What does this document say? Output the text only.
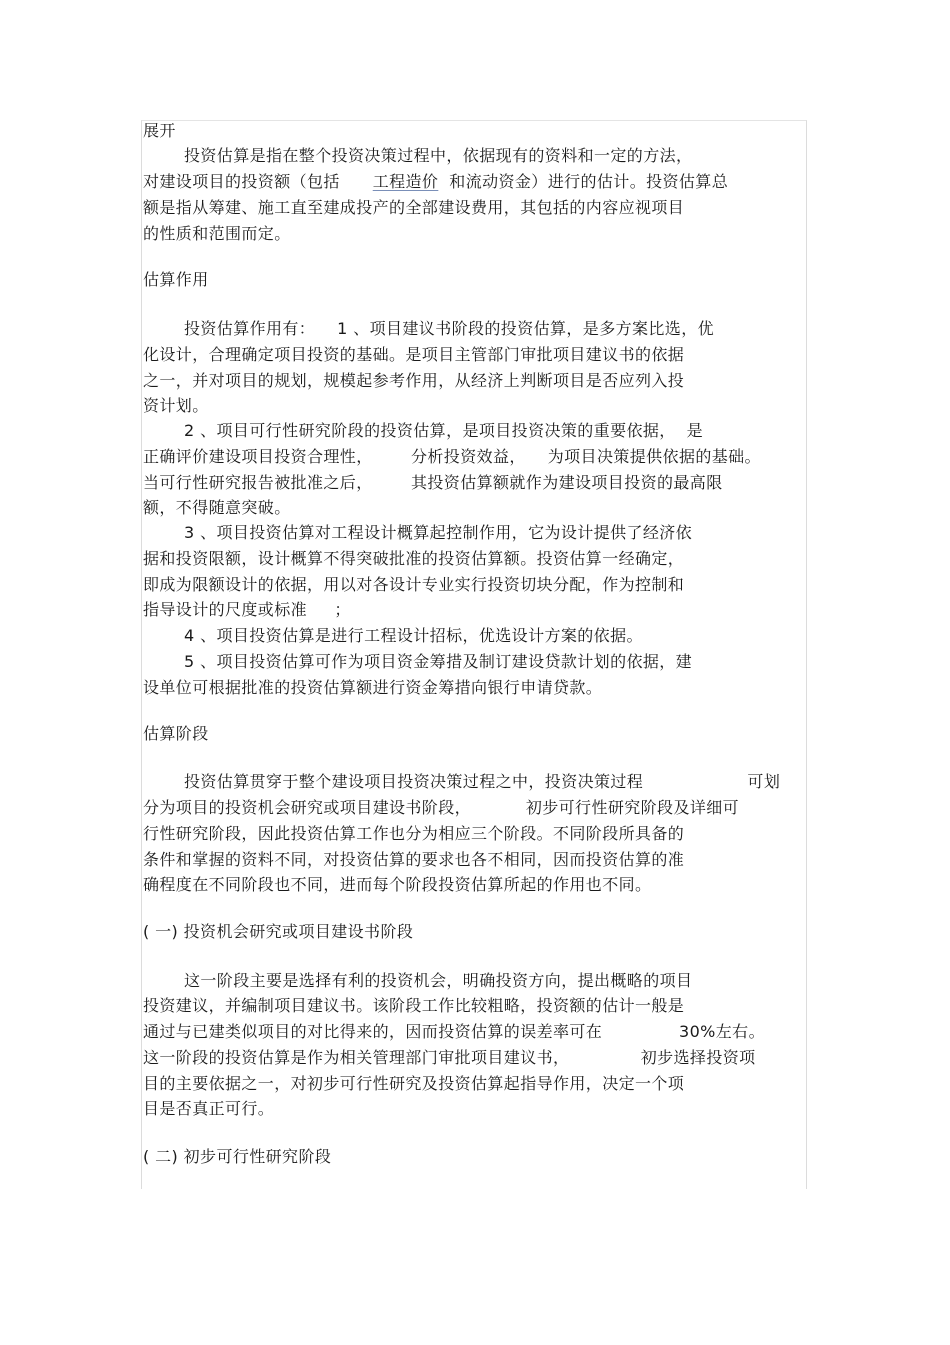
展开
投资估算是指在整个投资决策过程中，依据现有的资料和一定的方法，
对建设项目的投资额（包括      工程造价  和流动资金）进行的估计。投资估算总
额是指从筹建、施工直至建成投产的全部建设费用，其包括的内容应视项目
的性质和范围而定。
估算作用
投资估算作用有：    1 、项目建议书阶段的投资估算，是多方案比选，优
化设计，合理确定项目投资的基础。是项目主管部门审批项目建议书的依据
之一，并对项目的规划，规模起参考作用，从经济上判断项目是否应列入投
资计划。
2 、项目可行性研究阶段的投资估算，是项目投资决策的重要依据，  是
正确评价建设项目投资合理性，       分析投资效益，    为项目决策提供依据的基础。
当可行性研究报告被批准之后，       其投资估算额就作为建设项目投资的最高限
额，不得随意突破。
3 、项目投资估算对工程设计概算起控制作用，它为设计提供了经济依
据和投资限额，设计概算不得突破批准的投资估算额。投资估算一经确定，
即成为限额设计的依据，用以对各设计专业实行投资切块分配，作为控制和
指导设计的尺度或标准     ；
4 、项目投资估算是进行工程设计招标，优选设计方案的依据。
5 、项目投资估算可作为项目资金筹措及制订建设贷款计划的依据，建
设单位可根据批准的投资估算额进行资金筹措向银行申请贷款。
估算阶段
投资估算贯穿于整个建设项目投资决策过程之中，投资决策过程                   可划
分为项目的投资机会研究或项目建设书阶段，          初步可行性研究阶段及详细可
行性研究阶段，因此投资估算工作也分为相应三个阶段。不同阶段所具备的
条件和掌握的资料不同，对投资估算的要求也各不相同，因而投资估算的准
确程度在不同阶段也不同，进而每个阶段投资估算所起的作用也不同。
( 一) 投资机会研究或项目建设书阶段
这一阶段主要是选择有利的投资机会，明确投资方向，提出概略的项目
投资建议，并编制项目建议书。该阶段工作比较粗略，投资额的估计一般是
通过与已建类似项目的对比得来的，因而投资估算的误差率可在              30%左右。
这一阶段的投资估算是作为相关管理部门审批项目建议书，             初步选择投资项
目的主要依据之一，对初步可行性研究及投资估算起指导作用，决定一个项
目是否真正可行。
( 二) 初步可行性研究阶段
